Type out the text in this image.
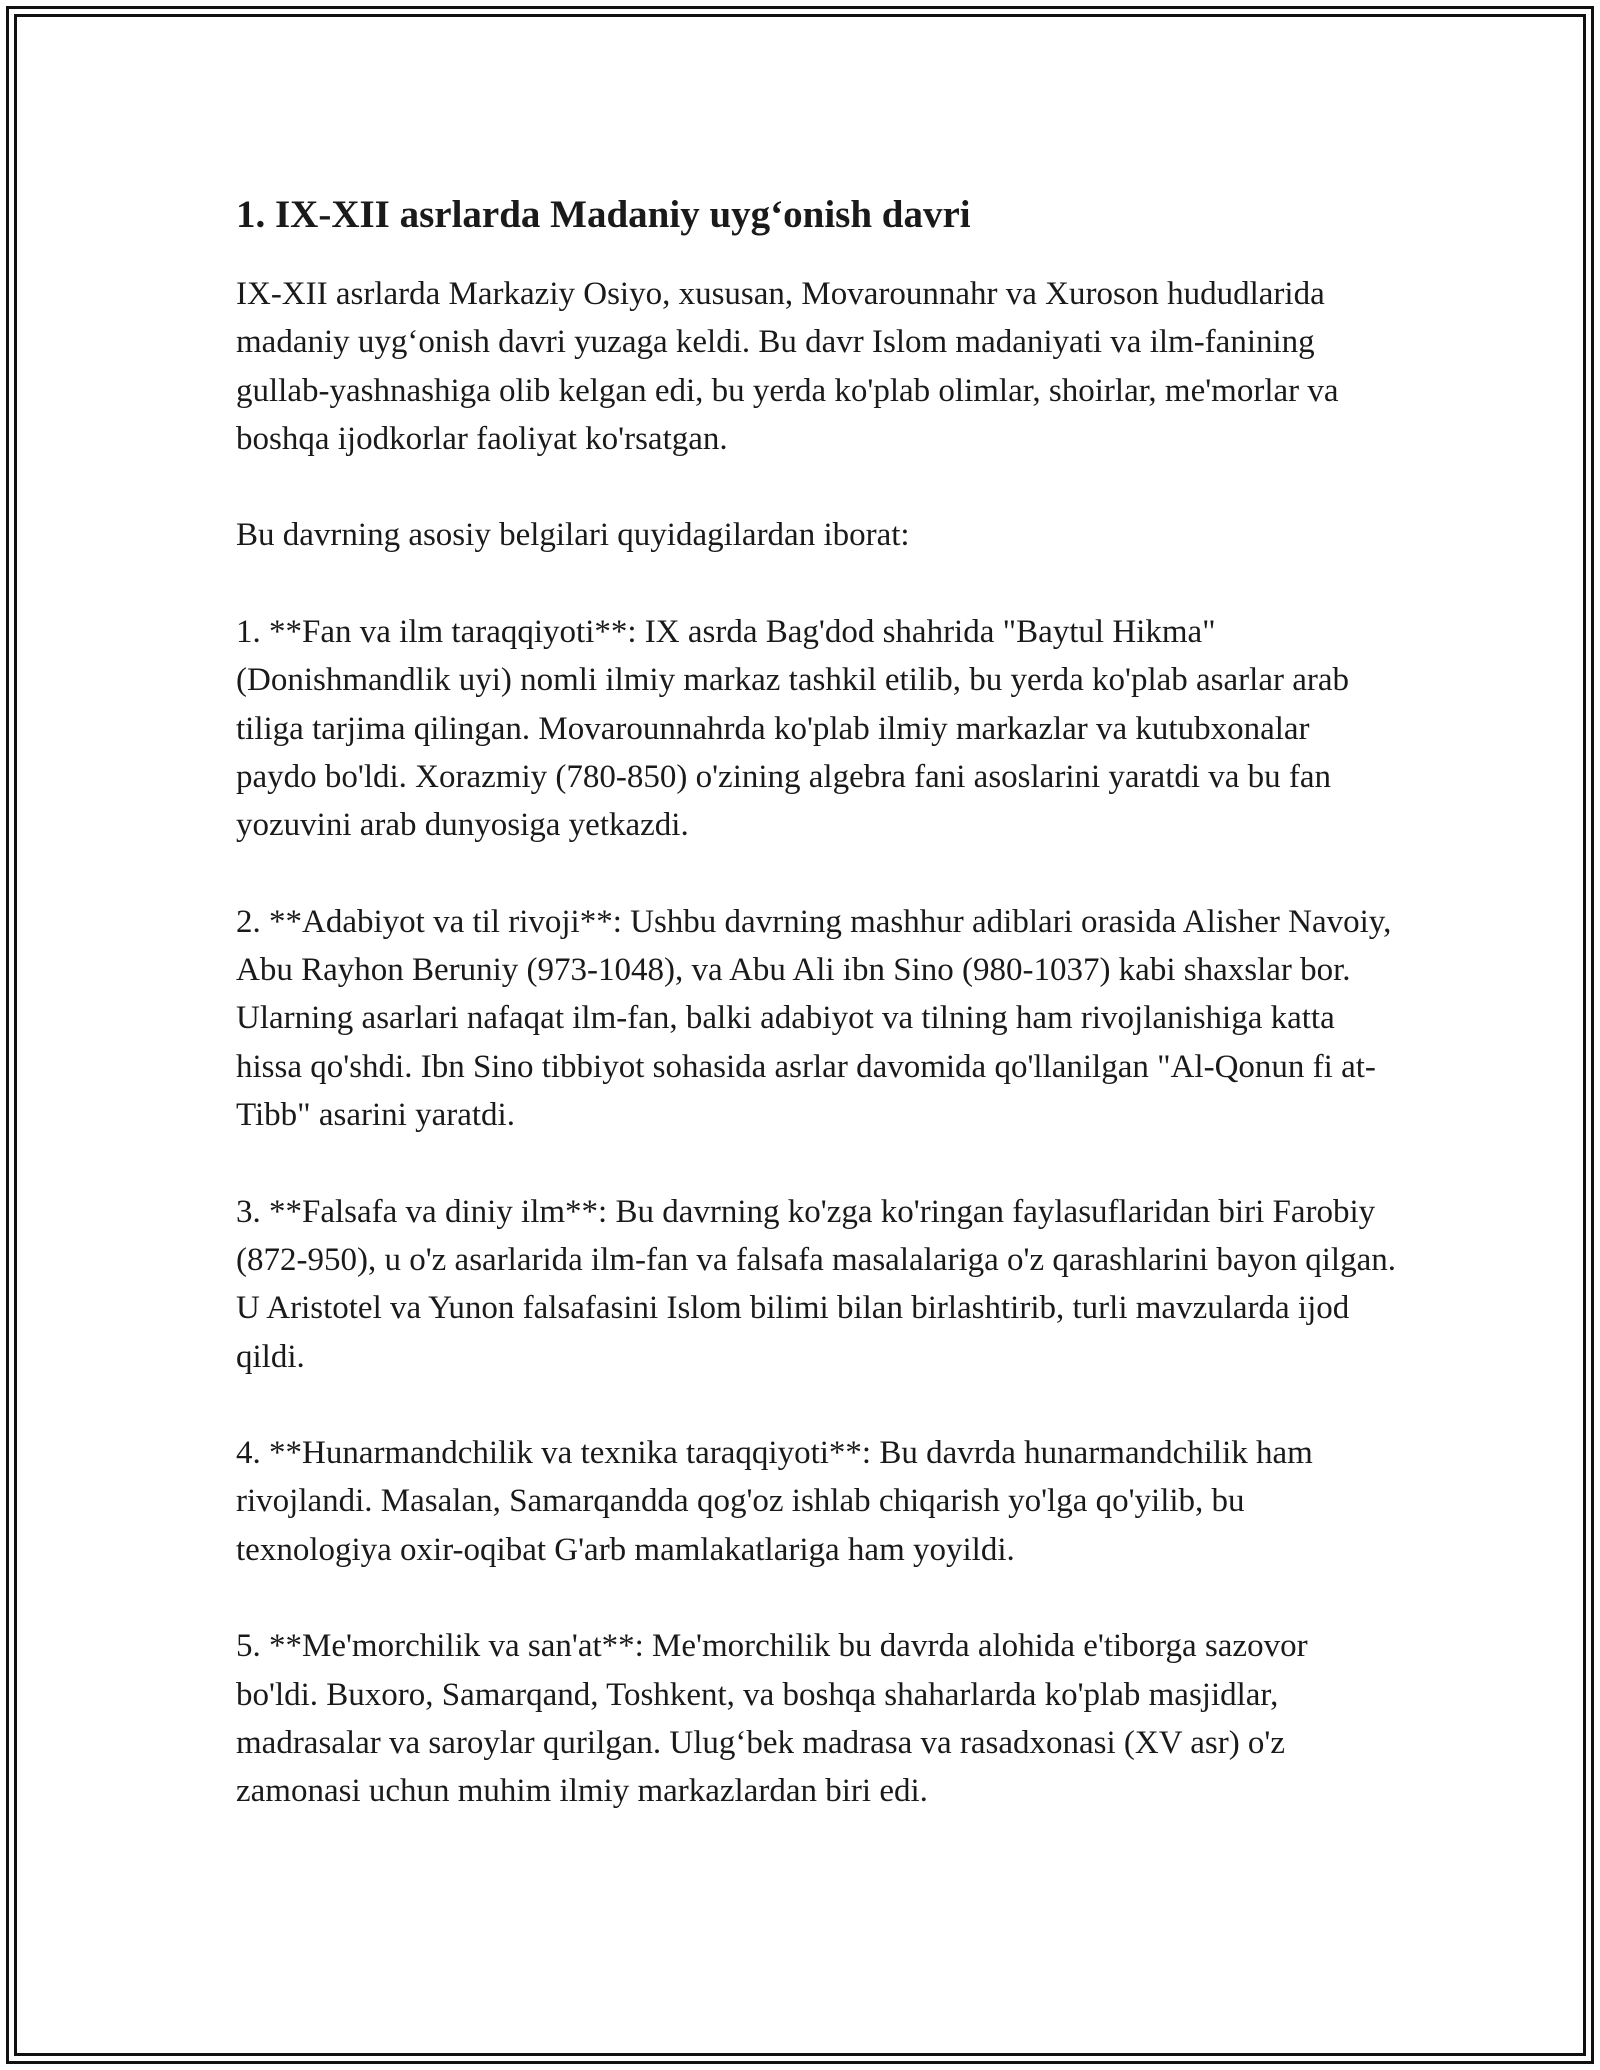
1. IX-XII asrlarda Madaniy uyg‘onish davri

IX-XII asrlarda Markaziy Osiyo, xususan, Movarounnahr va Xuroson hududlarida madaniy uyg‘onish davri yuzaga keldi. Bu davr Islom madaniyati va ilm-fanining gullab-yashnashiga olib kelgan edi, bu yerda ko'plab olimlar, shoirlar, me'morlar va boshqa ijodkorlar faoliyat ko'rsatgan.

Bu davrning asosiy belgilari quyidagilardan iborat:

1. **Fan va ilm taraqqiyoti**: IX asrda Bag'dod shahrida "Baytul Hikma" (Donishmandlik uyi) nomli ilmiy markaz tashkil etilib, bu yerda ko'plab asarlar arab tiliga tarjima qilingan. Movarounnahrda ko'plab ilmiy markazlar va kutubxonalar paydo bo'ldi. Xorazmiy (780-850) o'zining algebra fani asoslarini yaratdi va bu fan yozuvini arab dunyosiga yetkazdi.

2. **Adabiyot va til rivoji**: Ushbu davrning mashhur adiblari orasida Alisher Navoiy, Abu Rayhon Beruniy (973-1048), va Abu Ali ibn Sino (980-1037) kabi shaxslar bor. Ularning asarlari nafaqat ilm-fan, balki adabiyot va tilning ham rivojlanishiga katta hissa qo'shdi. Ibn Sino tibbiyot sohasida asrlar davomida qo'llanilgan "Al-Qonun fi at-Tibb" asarini yaratdi.

3. **Falsafa va diniy ilm**: Bu davrning ko'zga ko'ringan faylasuflaridan biri Farobiy (872-950), u o'z asarlarida ilm-fan va falsafa masalalariga o'z qarashlarini bayon qilgan. U Aristotel va Yunon falsafasini Islom bilimi bilan birlashtirib, turli mavzularda ijod qildi.

4. **Hunarmandchilik va texnika taraqqiyoti**: Bu davrda hunarmandchilik ham rivojlandi. Masalan, Samarqandda qog'oz ishlab chiqarish yo'lga qo'yilib, bu texnologiya oxir-oqibat G'arb mamlakatlariga ham yoyildi.

5. **Me'morchilik va san'at**: Me'morchilik bu davrda alohida e'tiborga sazovor bo'ldi. Buxoro, Samarqand, Toshkent, va boshqa shaharlarda ko'plab masjidlar, madrasalar va saroylar qurilgan. Ulug‘bek madrasa va rasadxonasi (XV asr) o'z zamonasi uchun muhim ilmiy markazlardan biri edi.
